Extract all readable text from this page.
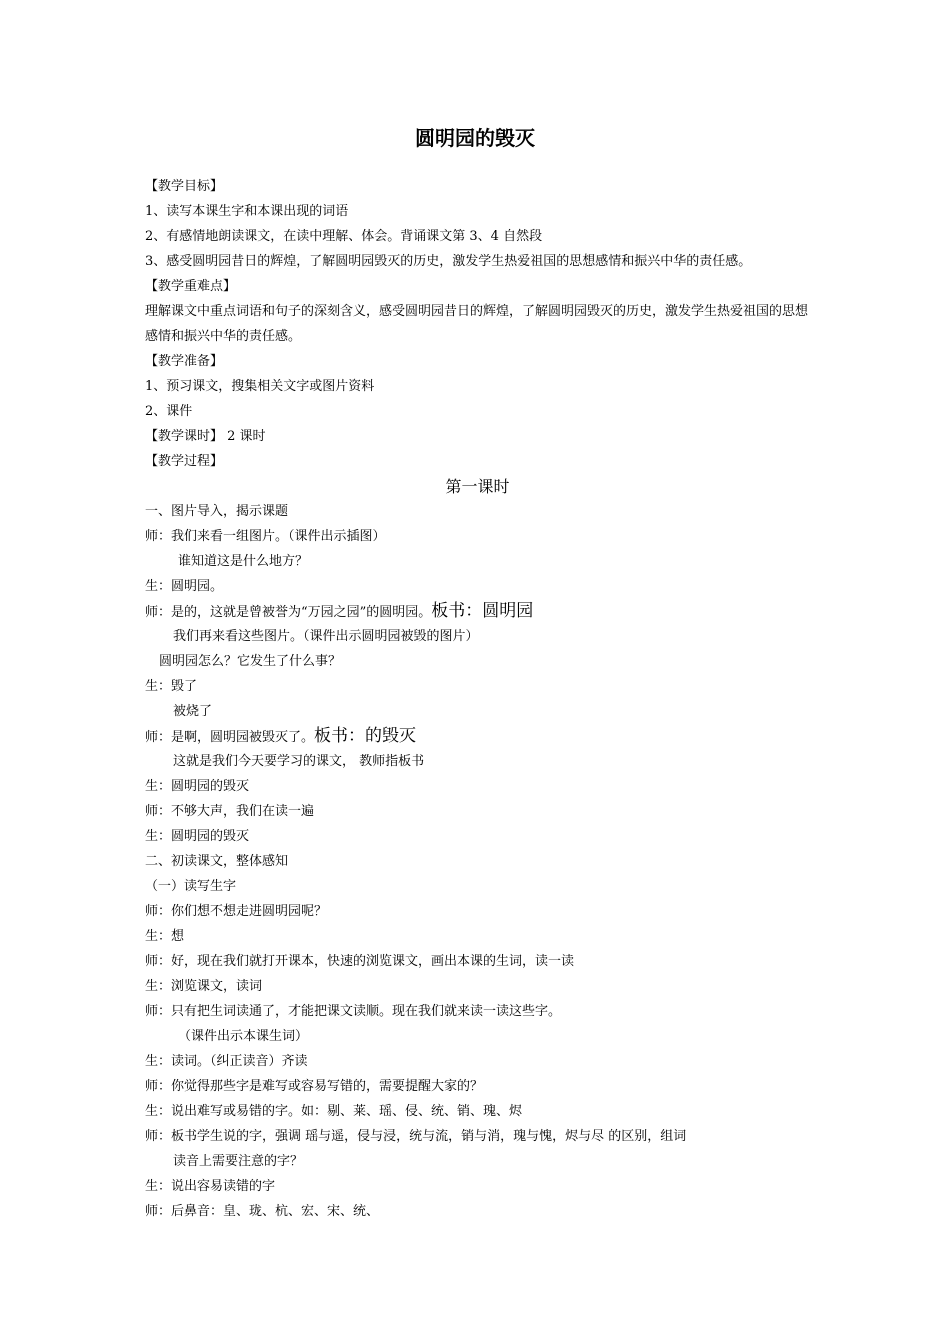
圆明园的毁灭
【教学目标】
1、读写本课生字和本课出现的词语
2、有感情地朗读课文，在读中理解、体会。背诵课文第 3、4 自然段
3、感受圆明园昔日的辉煌，了解圆明园毁灭的历史，激发学生热爱祖国的思想感情和振兴中华的责任感。
【教学重难点】
理解课文中重点词语和句子的深刻含义，感受圆明园昔日的辉煌，了解圆明园毁灭的历史，激发学生热爱祖国的思想感情和振兴中华的责任感。
【教学准备】
1、预习课文，搜集相关文字或图片资料
2、课件
【教学课时】 2 课时
【教学过程】
第一课时
一、图片导入，揭示课题
师：我们来看一组图片。（课件出示插图）
谁知道这是什么地方？
生：圆明园。
师：是的，这就是曾被誉为“万园之园”的圆明园。板书：圆明园
我们再来看这些图片。（课件出示圆明园被毁的图片）
圆明园怎么？它发生了什么事？
生：毁了
被烧了
师：是啊，圆明园被毁灭了。板书：的毁灭
这就是我们今天要学习的课文， 教师指板书
生：圆明园的毁灭
师：不够大声，我们在读一遍
生：圆明园的毁灭
二、初读课文，整体感知
（一）读写生字
师：你们想不想走进圆明园呢？
生：想
师：好，现在我们就打开课本，快速的浏览课文，画出本课的生词，读一读
生：浏览课文，读词
师：只有把生词读通了，才能把课文读顺。现在我们就来读一读这些字。
（课件出示本课生词）
生：读词。（纠正读音）齐读
师：你觉得那些字是难写或容易写错的，需要提醒大家的？
生：说出难写或易错的字。如：剔、莱、瑶、侵、统、销、瑰、烬
师：板书学生说的字，强调 瑶与遥，侵与浸，统与流，销与消，瑰与愧，烬与尽 的区别，组词
读音上需要注意的字？
生：说出容易读错的字
师：后鼻音：皇、珑、杭、宏、宋、统、
